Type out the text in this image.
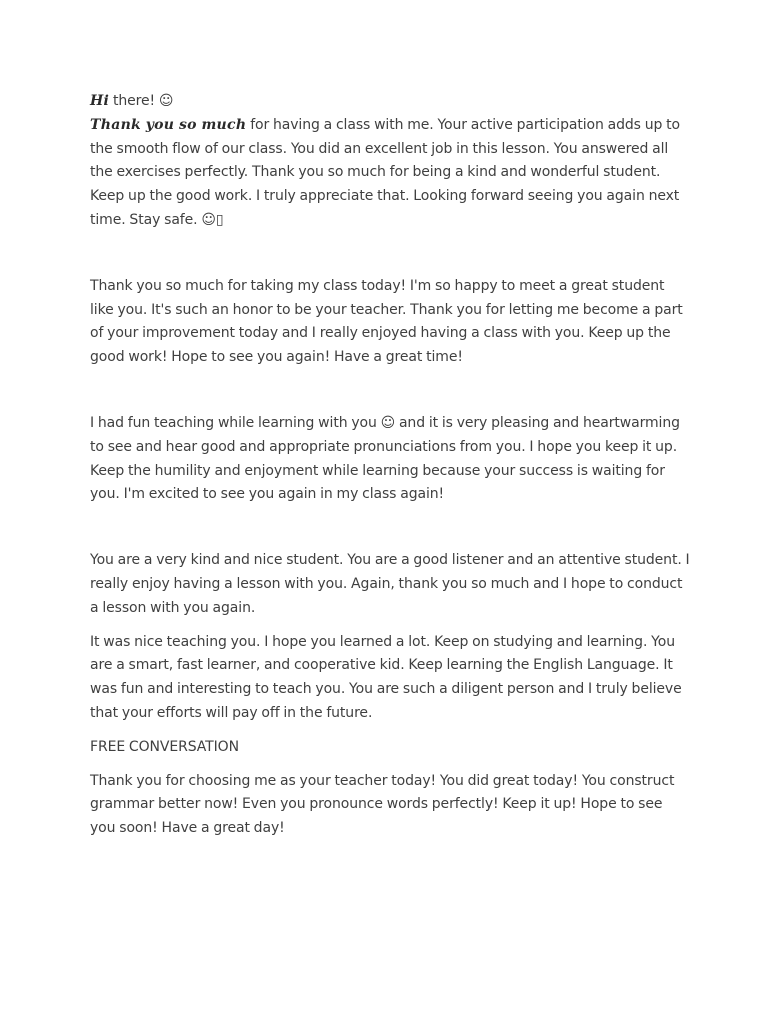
Hi there! ☺
Thank you so much for having a class with me. Your active participation adds up to the smooth flow of our class. You did an excellent job in this lesson. You answered all the exercises perfectly. Thank you so much for being a kind and wonderful student. Keep up the good work. I truly appreciate that. Looking forward seeing you again next time. Stay safe. ☺▯

Thank you so much for taking my class today! I'm so happy to meet a great student like you. It's such an honor to be your teacher. Thank you for letting me become a part of your improvement today and I really enjoyed having a class with you. Keep up the good work! Hope to see you again! Have a great time!

I had fun teaching while learning with you ☺ and it is very pleasing and heartwarming to see and hear good and appropriate pronunciations from you. I hope you keep it up. Keep the humility and enjoyment while learning because your success is waiting for you. I'm excited to see you again in my class again!

You are a very kind and nice student. You are a good listener and an attentive student. I really enjoy having a lesson with you. Again, thank you so much and I hope to conduct a lesson with you again.

It was nice teaching you. I hope you learned a lot. Keep on studying and learning. You are a smart, fast learner, and cooperative kid. Keep learning the English Language. It was fun and interesting to teach you. You are such a diligent person and I truly believe that your efforts will pay off in the future.

FREE CONVERSATION

Thank you for choosing me as your teacher today! You did great today! You construct grammar better now! Even you pronounce words perfectly! Keep it up! Hope to see you soon! Have a great day!
